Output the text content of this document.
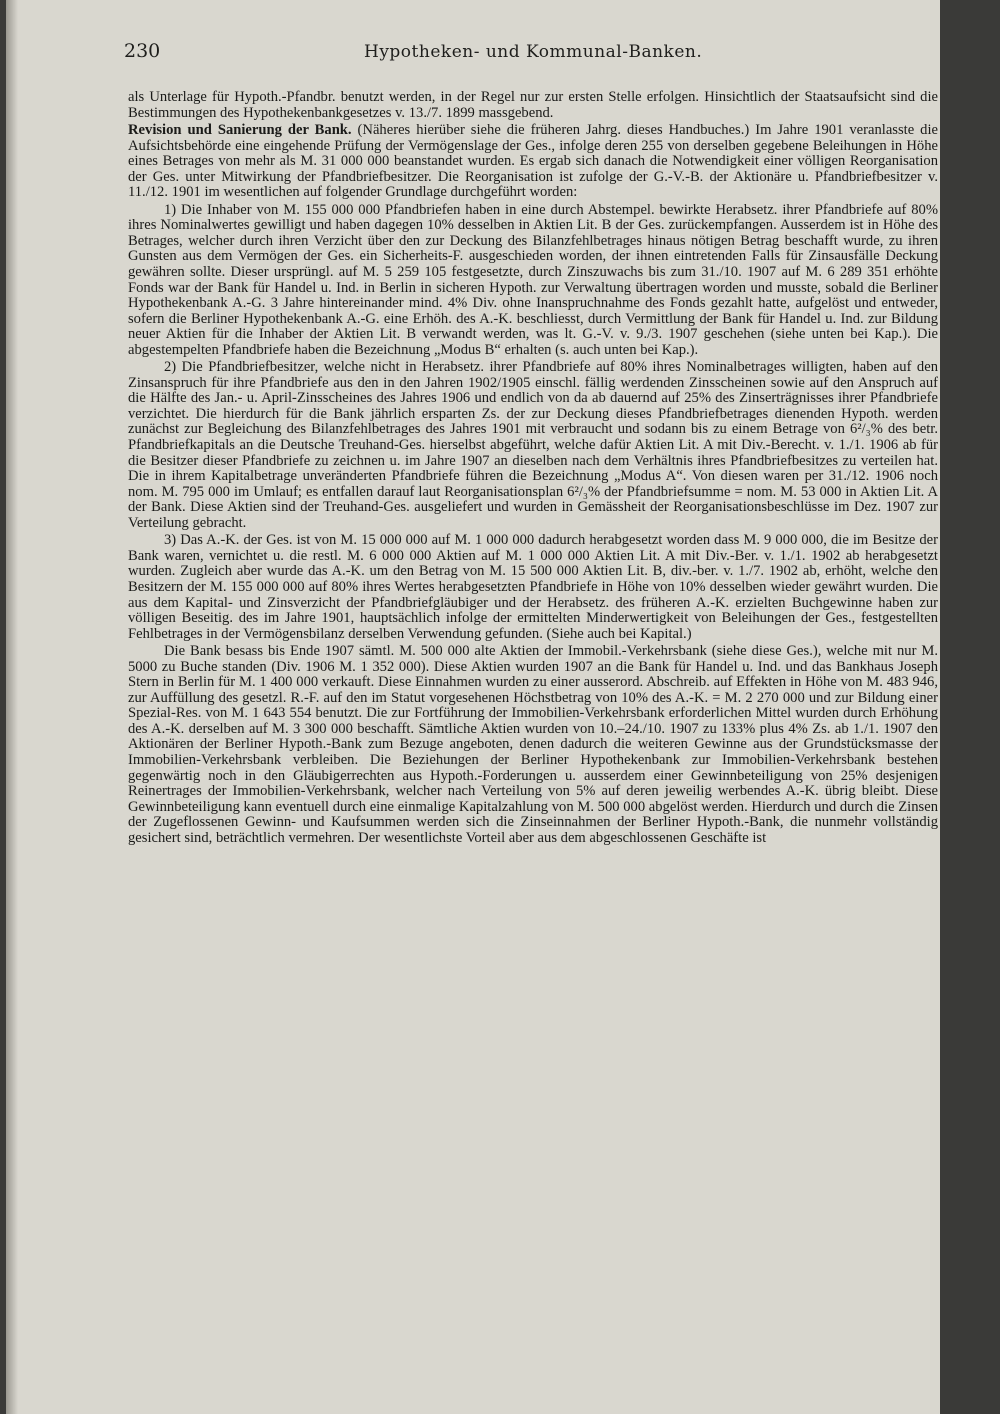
230	Hypotheken- und Kommunal-Banken.

als Unterlage für Hypoth.-Pfandbr. benutzt werden, in der Regel nur zur ersten Stelle erfolgen. Hinsichtlich der Staatsaufsicht sind die Bestimmungen des Hypothekenbankgesetzes v. 13./7. 1899 massgebend.

Revision und Sanierung der Bank. (Näheres hierüber siehe die früheren Jahrg. dieses Handbuches.) Im Jahre 1901 veranlasste die Aufsichtsbehörde eine eingehende Prüfung der Vermögenslage der Ges., infolge deren 255 von derselben gegebene Beleihungen in Höhe eines Betrages von mehr als M. 31 000 000 beanstandet wurden. Es ergab sich danach die Notwendigkeit einer völligen Reorganisation der Ges. unter Mitwirkung der Pfandbriefbesitzer. Die Reorganisation ist zufolge der G.-V.-B. der Aktionäre u. Pfandbriefbesitzer v. 11./12. 1901 im wesentlichen auf folgender Grundlage durchgeführt worden:

1) Die Inhaber von M. 155 000 000 Pfandbriefen haben in eine durch Abstempel. bewirkte Herabsetz. ihrer Pfandbriefe auf 80% ihres Nominalwertes gewilligt und haben dagegen 10% desselben in Aktien Lit. B der Ges. zurückempfangen. Ausserdem ist in Höhe des Betrages, welcher durch ihren Verzicht über den zur Deckung des Bilanzfehlbetrages hinaus nötigen Betrag beschafft wurde, zu ihren Gunsten aus dem Vermögen der Ges. ein Sicherheits-F. ausgeschieden worden, der ihnen eintretenden Falls für Zinsausfälle Deckung gewähren sollte. Dieser ursprüngl. auf M. 5 259 105 festgesetzte, durch Zinszuwachs bis zum 31./10. 1907 auf M. 6 289 351 erhöhte Fonds war der Bank für Handel u. Ind. in Berlin in sicheren Hypoth. zur Verwaltung übertragen worden und musste, sobald die Berliner Hypothekenbank A.-G. 3 Jahre hintereinander mind. 4% Div. ohne Inanspruchnahme des Fonds gezahlt hatte, aufgelöst und entweder, sofern die Berliner Hypothekenbank A.-G. eine Erhöh. des A.-K. beschliesst, durch Vermittlung der Bank für Handel u. Ind. zur Bildung neuer Aktien für die Inhaber der Aktien Lit. B verwandt werden, was lt. G.-V. v. 9./3. 1907 geschehen (siehe unten bei Kap.). Die abgestempelten Pfandbriefe haben die Bezeichnung „Modus B“ erhalten (s. auch unten bei Kap.).

2) Die Pfandbriefbesitzer, welche nicht in Herabsetz. ihrer Pfandbriefe auf 80% ihres Nominalbetrages willigten, haben auf den Zinsanspruch für ihre Pfandbriefe aus den in den Jahren 1902/1905 einschl. fällig werdenden Zinsscheinen sowie auf den Anspruch auf die Hälfte des Jan.- u. April-Zinsscheines des Jahres 1906 und endlich von da ab dauernd auf 25% des Zinserträgnisses ihrer Pfandbriefe verzichtet. Die hierdurch für die Bank jährlich ersparten Zs. der zur Deckung dieses Pfandbriefbetrages dienenden Hypoth. werden zunächst zur Begleichung des Bilanzfehlbetrages des Jahres 1901 mit verbraucht und sodann bis zu einem Betrage von 6²/₃% des betr. Pfandbriefkapitals an die Deutsche Treuhand-Ges. hierselbst abgeführt, welche dafür Aktien Lit. A mit Div.-Berecht. v. 1./1. 1906 ab für die Besitzer dieser Pfandbriefe zu zeichnen u. im Jahre 1907 an dieselben nach dem Verhältnis ihres Pfandbriefbesitzes zu verteilen hat. Die in ihrem Kapitalbetrage unveränderten Pfandbriefe führen die Bezeichnung „Modus A“. Von diesen waren per 31./12. 1906 noch nom. M. 795 000 im Umlauf; es entfallen darauf laut Reorganisationsplan 6²/₃% der Pfandbriefsumme = nom. M. 53 000 in Aktien Lit. A der Bank. Diese Aktien sind der Treuhand-Ges. ausgeliefert und wurden in Gemässheit der Reorganisationsbeschlüsse im Dez. 1907 zur Verteilung gebracht.

3) Das A.-K. der Ges. ist von M. 15 000 000 auf M. 1 000 000 dadurch herabgesetzt worden dass M. 9 000 000, die im Besitze der Bank waren, vernichtet u. die restl. M. 6 000 000 Aktien auf M. 1 000 000 Aktien Lit. A mit Div.-Ber. v. 1./1. 1902 ab herabgesetzt wurden. Zugleich aber wurde das A.-K. um den Betrag von M. 15 500 000 Aktien Lit. B, div.-ber. v. 1./7. 1902 ab, erhöht, welche den Besitzern der M. 155 000 000 auf 80% ihres Wertes herabgesetzten Pfandbriefe in Höhe von 10% desselben wieder gewährt wurden. Die aus dem Kapital- und Zinsverzicht der Pfandbriefgläubiger und der Herabsetz. des früheren A.-K. erzielten Buchgewinne haben zur völligen Beseitig. des im Jahre 1901, hauptsächlich infolge der ermittelten Minderwertigkeit von Beleihungen der Ges., festgestellten Fehlbetrages in der Vermögensbilanz derselben Verwendung gefunden. (Siehe auch bei Kapital.)

Die Bank besass bis Ende 1907 sämtl. M. 500 000 alte Aktien der Immobil.-Verkehrsbank (siehe diese Ges.), welche mit nur M. 5000 zu Buche standen (Div. 1906 M. 1 352 000). Diese Aktien wurden 1907 an die Bank für Handel u. Ind. und das Bankhaus Joseph Stern in Berlin für M. 1 400 000 verkauft. Diese Einnahmen wurden zu einer ausserord. Abschreib. auf Effekten in Höhe von M. 483 946, zur Auffüllung des gesetzl. R.-F. auf den im Statut vorgesehenen Höchstbetrag von 10% des A.-K. = M. 2 270 000 und zur Bildung einer Spezial-Res. von M. 1 643 554 benutzt. Die zur Fortführung der Immobilien-Verkehrsbank erforderlichen Mittel wurden durch Erhöhung des A.-K. derselben auf M. 3 300 000 beschafft. Sämtliche Aktien wurden von 10.–24./10. 1907 zu 133% plus 4% Zs. ab 1./1. 1907 den Aktionären der Berliner Hypoth.-Bank zum Bezuge angeboten, denen dadurch die weiteren Gewinne aus der Grundstücksmasse der Immobilien-Verkehrsbank verbleiben. Die Beziehungen der Berliner Hypothekenbank zur Immobilien-Verkehrsbank bestehen gegenwärtig noch in den Gläubigerrechten aus Hypoth.-Forderungen u. ausserdem einer Gewinnbeteiligung von 25% desjenigen Reinertrages der Immobilien-Verkehrsbank, welcher nach Verteilung von 5% auf deren jeweilig werbendes A.-K. übrig bleibt. Diese Gewinnbeteiligung kann eventuell durch eine einmalige Kapitalzahlung von M. 500 000 abgelöst werden. Hierdurch und durch die Zinsen der Zugeflossenen Gewinn- und Kaufsummen werden sich die Zinseinnahmen der Berliner Hypoth.-Bank, die nunmehr vollständig gesichert sind, beträchtlich vermehren. Der wesentlichste Vorteil aber aus dem abgeschlossenen Geschäfte ist
